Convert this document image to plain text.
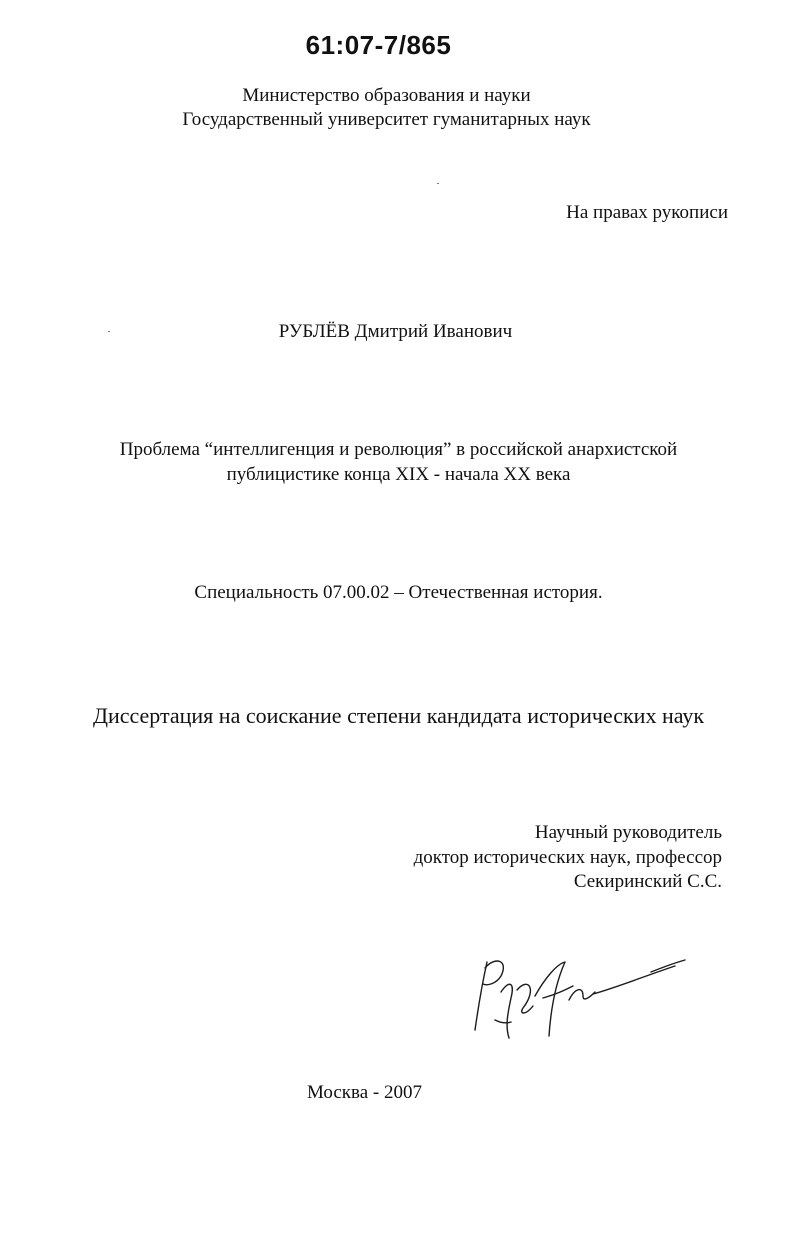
61:07-7/865
Министерство образования и науки
Государственный университет гуманитарных наук
На правах рукописи
РУБЛЁВ Дмитрий Иванович
Проблема “интеллигенция и революция” в российской анархистской
публицистике конца XIX - начала XX века
Специальность 07.00.02 – Отечественная история.
Диссертация на соискание степени кандидата исторических наук
Научный руководитель
доктор исторических наук, профессор
Секиринский С.С.
Москва - 2007
